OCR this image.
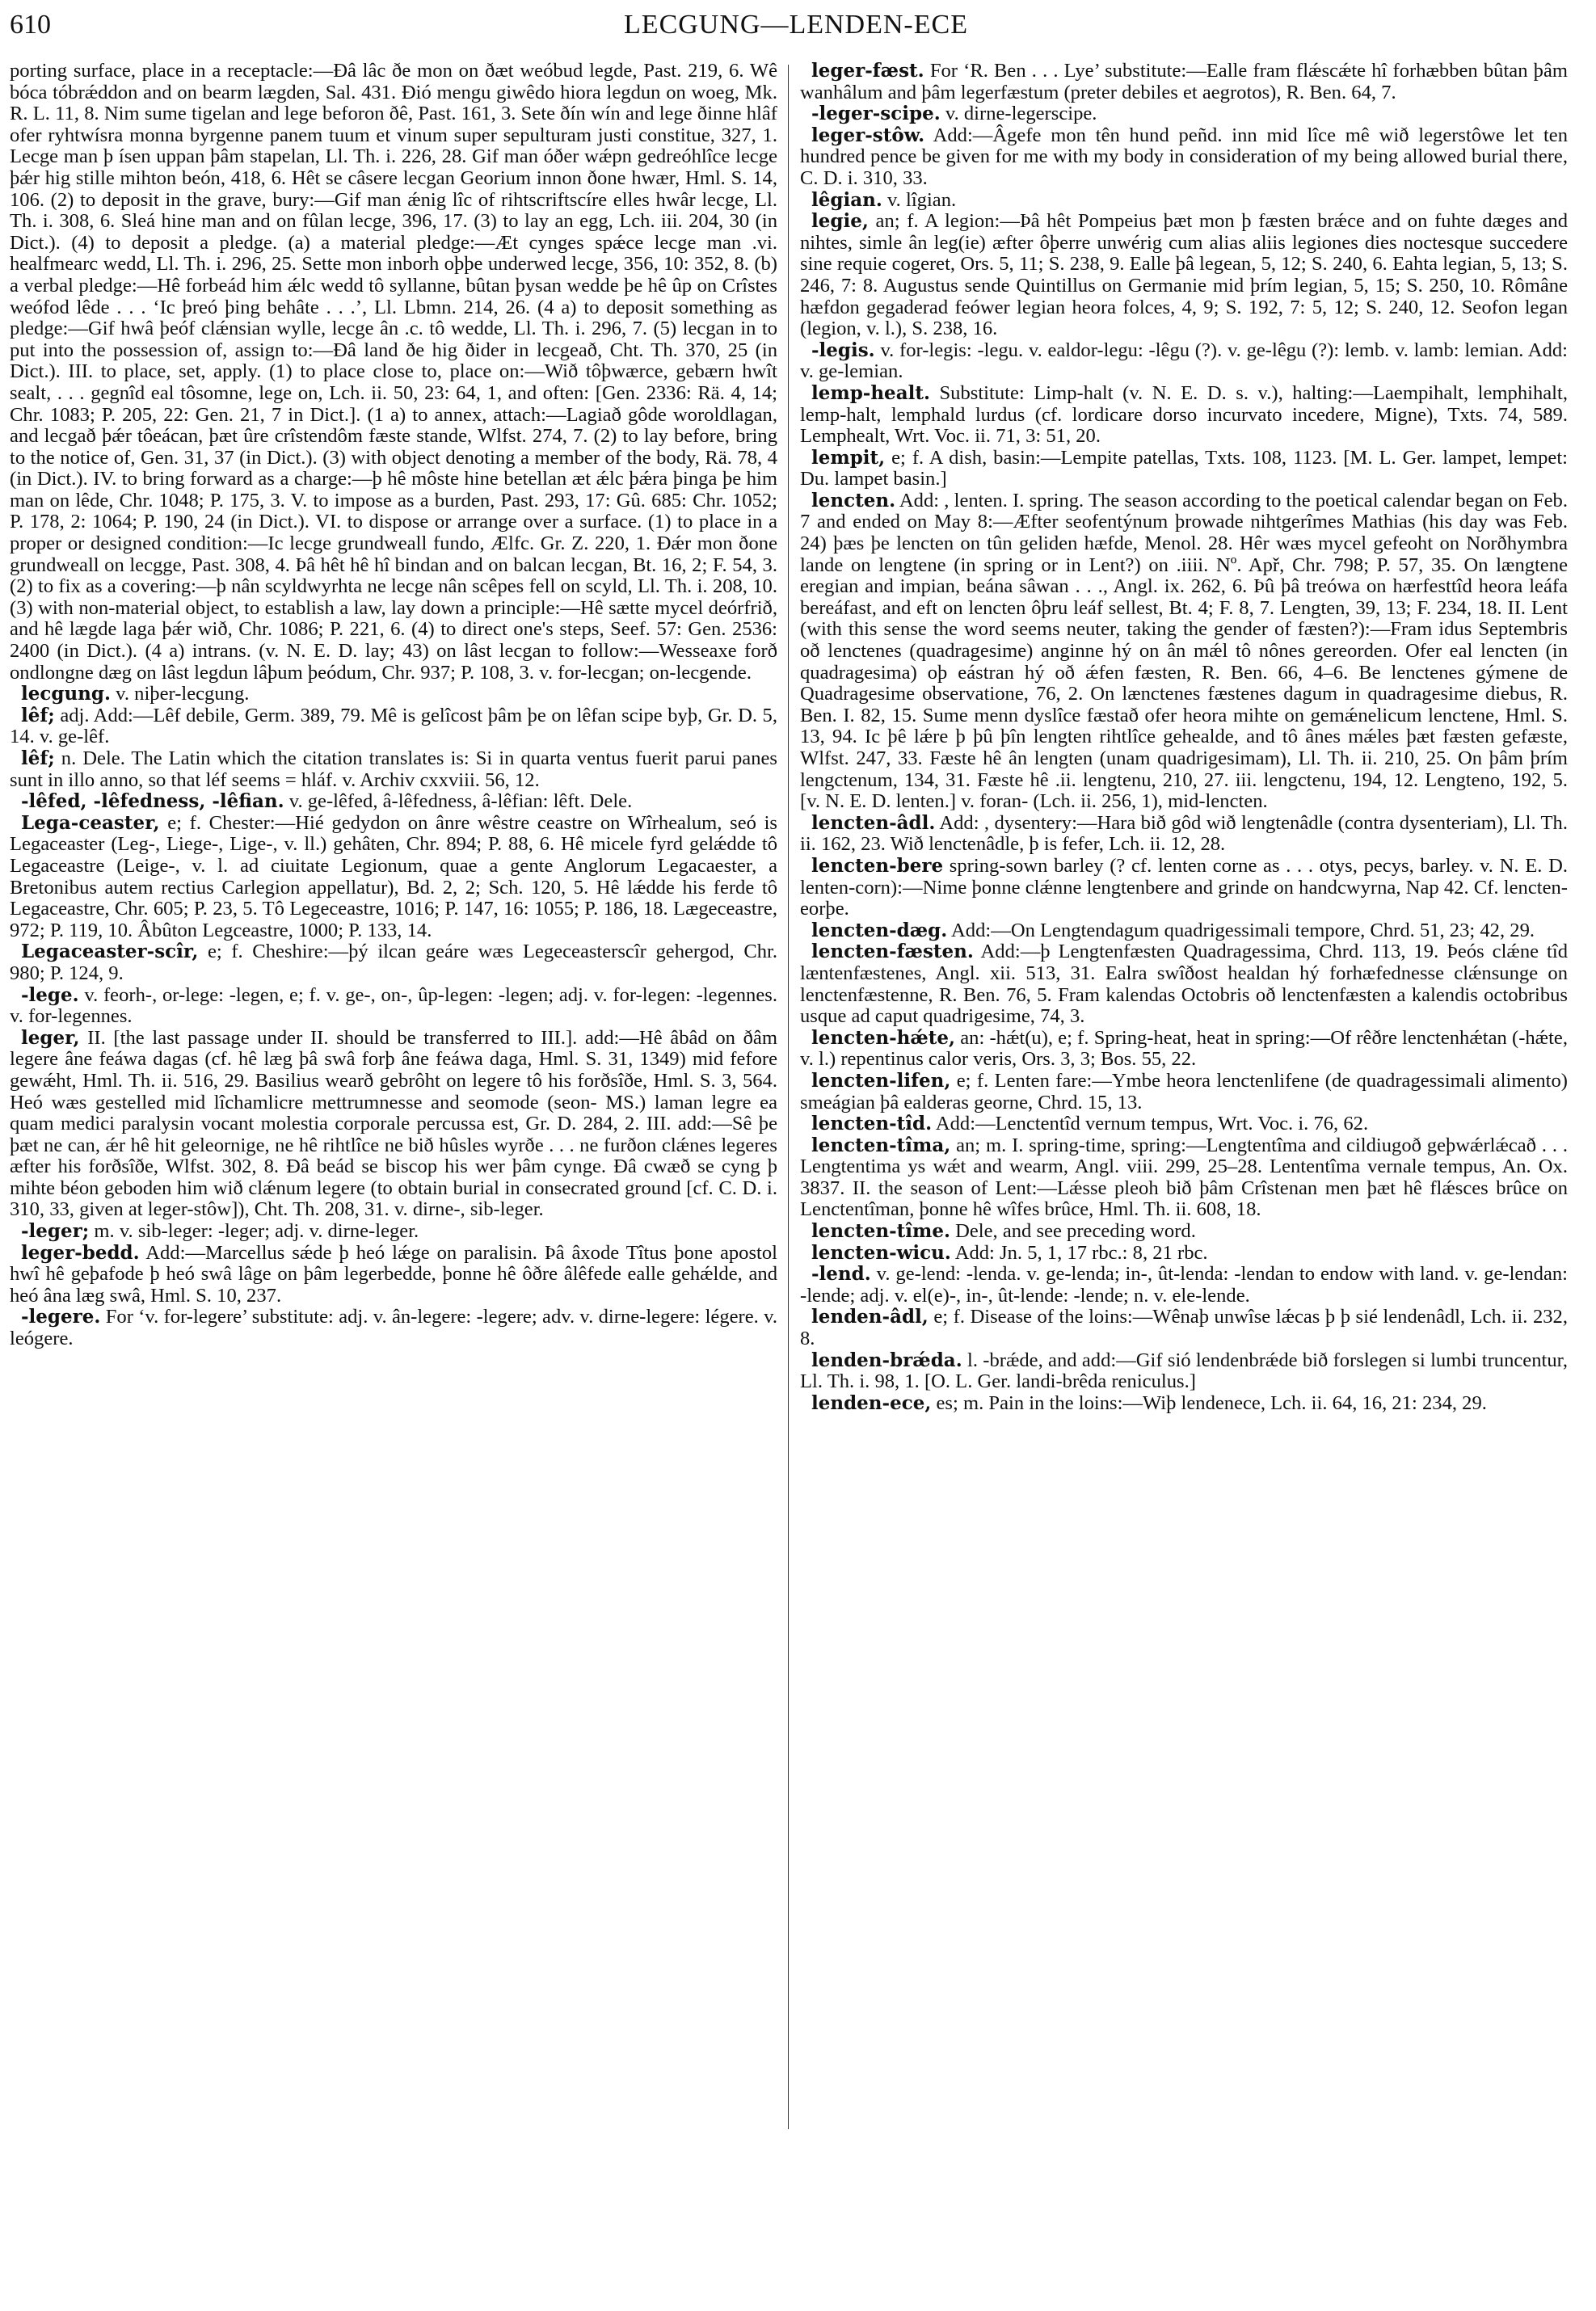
610	LECGUNG—LENDEN-ECE

porting surface, place in a receptacle:—Ðâ lâc ðe mon on ðæt weóbud legde, Past. 219, 6. Wê bóca tóbrǽddon and on bearm lægden, Sal. 431. Ðió mengu giwêdo hiora legdun on woeg, Mk. R. L. 11, 8. Nim sume tigelan and lege beforon ðê, Past. 161, 3. Sete ðín wín and lege ðinne hlâf ofer ryhtwísra monna byrgenne panem tuum et vinum super sepulturam justi constitue, 327, 1. Lecge man þ ísen uppan þâm stapelan, Ll. Th. i. 226, 28. Gif man óðer wǽpn gedreóhlîce lecge þǽr hig stille mihton beón, 418, 6. Hêt se câsere lecgan Georium innon ðone hwær, Hml. S. 14, 106. (2) to deposit in the grave, bury:—Gif man ǽnig lîc of rihtscriftscíre elles hwâr lecge, Ll. Th. i. 308, 6. Sleá hine man and on fûlan lecge, 396, 17. (3) to lay an egg, Lch. iii. 204, 30 (in Dict.). (4) to deposit a pledge. (a) a material pledge:—Æt cynges spǽce lecge man .vi. healfmearc wedd, Ll. Th. i. 296, 25. Sette mon inborh oþþe underwed lecge, 356, 10: 352, 8. (b) a verbal pledge:—Hê forbeád him ǽlc wedd tô syllanne, bûtan þysan wedde þe hê ûp on Crîstes weófod lêde . . . ‘Ic þreó þing behâte . . .’, Ll. Lbmn. 214, 26. (4 a) to deposit something as pledge:—Gif hwâ þeóf clǽnsian wylle, lecge ân .c. tô wedde, Ll. Th. i. 296, 7. (5) lecgan in to put into the possession of, assign to:—Ðâ land ðe hig ðider in lecgeað, Cht. Th. 370, 25 (in Dict.). III. to place, set, apply. (1) to place close to, place on:—Wið tôþwærce, gebærn hwît sealt, . . . gegnîd eal tôsomne, lege on, Lch. ii. 50, 23: 64, 1, and often: [Gen. 2336: Rä. 4, 14; Chr. 1083; P. 205, 22: Gen. 21, 7 in Dict.]. (1 a) to annex, attach:—Lagiað gôde woroldlagan, and lecgað þǽr tôeácan, þæt ûre crîstendôm fæste stande, Wlfst. 274, 7. (2) to lay before, bring to the notice of, Gen. 31, 37 (in Dict.). (3) with object denoting a member of the body, Rä. 78, 4 (in Dict.). IV. to bring forward as a charge:—þ hê môste hine betellan æt ǽlc þǽra þinga þe him man on lêde, Chr. 1048; P. 175, 3. V. to impose as a burden, Past. 293, 17: Gû. 685: Chr. 1052; P. 178, 2: 1064; P. 190, 24 (in Dict.). VI. to dispose or arrange over a surface. (1) to place in a proper or designed condition:—Ic lecge grundweall fundo, Ælfc. Gr. Z. 220, 1. Ðǽr mon ðone grundweall on lecgge, Past. 308, 4. Þâ hêt hê hî bindan and on balcan lecgan, Bt. 16, 2; F. 54, 3. (2) to fix as a covering:—þ nân scyldwyrhta ne lecge nân scêpes fell on scyld, Ll. Th. i. 208, 10. (3) with non-material object, to establish a law, lay down a principle:—Hê sætte mycel deórfrið, and hê lægde laga þǽr wið, Chr. 1086; P. 221, 6. (4) to direct one's steps, Seef. 57: Gen. 2536: 2400 (in Dict.). (4 a) intrans. (v. N. E. D. lay; 43) on lâst lecgan to follow:—Wesseaxe forð ondlongne dæg on lâst legdun lâþum þeódum, Chr. 937; P. 108, 3. v. for-lecgan; on-lecgende.

lecgung. v. niþer-lecgung.

lêf; adj. Add:—Lêf debile, Germ. 389, 79. Mê is gelîcost þâm þe on lêfan scipe byþ, Gr. D. 5, 14. v. ge-lêf.

lêf; n. Dele. The Latin which the citation translates is: Si in quarta ventus fuerit parui panes sunt in illo anno, so that léf seems = hláf. v. Archiv cxxviii. 56, 12.

-lêfed, -lêfedness, -lêfian. v. ge-lêfed, â-lêfedness, â-lêfian: lêft. Dele.

Lega-ceaster, e; f. Chester:—Hié gedydon on ânre wêstre ceastre on Wîrhealum, seó is Legaceaster (Leg-, Liege-, Lige-, v. ll.) gehâten, Chr. 894; P. 88, 6. Hê micele fyrd gelǽdde tô Legaceastre (Leige-, v. l. ad ciuitate Legionum, quae a gente Anglorum Legacaester, a Bretonibus autem rectius Carlegion appellatur), Bd. 2, 2; Sch. 120, 5. Hê lǽdde his ferde tô Legaceastre, Chr. 605; P. 23, 5. Tô Legeceastre, 1016; P. 147, 16: 1055; P. 186, 18. Lægeceastre, 972; P. 119, 10. Âbûton Legceastre, 1000; P. 133, 14.

Legaceaster-scîr, e; f. Cheshire:—þý ilcan geáre wæs Legeceasterscîr gehergod, Chr. 980; P. 124, 9.

-lege. v. feorh-, or-lege: -legen, e; f. v. ge-, on-, ûp-legen: -legen; adj. v. for-legen: -legennes. v. for-legennes.

leger, II. [the last passage under II. should be transferred to III.]. add:—Hê âbâd on ðâm legere âne feáwa dagas (cf. hê læg þâ swâ forþ âne feáwa daga, Hml. S. 31, 1349) mid fefore gewǽht, Hml. Th. ii. 516, 29. Basilius wearð gebrôht on legere tô his forðsîðe, Hml. S. 3, 564. Heó wæs gestelled mid lîchamlicre mettrumnesse and seomode (seon- MS.) laman legre ea quam medici paralysin vocant molestia corporale percussa est, Gr. D. 284, 2. III. add:—Sê þe þæt ne can, ǽr hê hit geleornige, ne hê rihtlîce ne bið hûsles wyrðe . . . ne furðon clǽnes legeres æfter his forðsîðe, Wlfst. 302, 8. Ðâ beád se biscop his wer þâm cynge. Ðâ cwæð se cyng þ mihte béon geboden him wið clǽnum legere (to obtain burial in consecrated ground [cf. C. D. i. 310, 33, given at leger-stôw]), Cht. Th. 208, 31. v. dirne-, sib-leger.

-leger; m. v. sib-leger: -leger; adj. v. dirne-leger.

leger-bedd. Add:—Marcellus sǽde þ heó lǽge on paralisin. Þâ âxode Tîtus þone apostol hwî hê geþafode þ heó swâ lâge on þâm legerbedde, þonne hê ôðre âlêfede ealle gehǽlde, and heó âna læg swâ, Hml. S. 10, 237.

-legere. For ‘v. for-legere’ substitute: adj. v. ân-legere: -legere; adv. v. dirne-legere: légere. v. leógere.

leger-fæst. For ‘R. Ben . . . Lye’ substitute:—Ealle fram flǽscǽte hî forhæbben bûtan þâm wanhâlum and þâm legerfæstum (preter debiles et aegrotos), R. Ben. 64, 7.

-leger-scipe. v. dirne-legerscipe.

leger-stôw. Add:—Âgefe mon tên hund peñd. inn mid lîce mê wið legerstôwe let ten hundred pence be given for me with my body in consideration of my being allowed burial there, C. D. i. 310, 33.

lêgian. v. lîgian.

legie, an; f. A legion:—Þâ hêt Pompeius þæt mon þ fæsten brǽce and on fuhte dæges and nihtes, simle ân leg(ie) æfter ôþerre unwérig cum alias aliis legiones dies noctesque succedere sine requie cogeret, Ors. 5, 11; S. 238, 9. Ealle þâ legean, 5, 12; S. 240, 6. Eahta legian, 5, 13; S. 246, 7: 8. Augustus sende Quintillus on Germanie mid þrím legian, 5, 15; S. 250, 10. Rômâne hæfdon gegaderad feówer legian heora folces, 4, 9; S. 192, 7: 5, 12; S. 240, 12. Seofon legan (legion, v. l.), S. 238, 16.

-legis. v. for-legis: -legu. v. ealdor-legu: -lêgu (?). v. ge-lêgu (?): lemb. v. lamb: lemian. Add: v. ge-lemian.

lemp-healt. Substitute: Limp-halt (v. N. E. D. s. v.), halting:—Laempihalt, lemphihalt, lemp-halt, lemphald lurdus (cf. lordicare dorso incurvato incedere, Migne), Txts. 74, 589. Lemphealt, Wrt. Voc. ii. 71, 3: 51, 20.

lempit, e; f. A dish, basin:—Lempite patellas, Txts. 108, 1123. [M. L. Ger. lampet, lempet: Du. lampet basin.]

lencten. Add: , lenten. I. spring. The season according to the poetical calendar began on Feb. 7 and ended on May 8:—Æfter seofentýnum þrowade nihtgerîmes Mathias (his day was Feb. 24) þæs þe lencten on tûn geliden hæfde, Menol. 28. Hêr wæs mycel gefeoht on Norðhymbra lande on lengtene (in spring or in Lent?) on .iiii. Nº. Apř, Chr. 798; P. 57, 35. On længtene eregian and impian, beána sâwan . . ., Angl. ix. 262, 6. Þû þâ treówa on hærfesttîd heora leáfa bereáfast, and eft on lencten ôþru leáf sellest, Bt. 4; F. 8, 7. Lengten, 39, 13; F. 234, 18. II. Lent (with this sense the word seems neuter, taking the gender of fæsten?):—Fram idus Septembris oð lenctenes (quadragesime) anginne hý on ân mǽl tô nônes gereorden. Ofer eal lencten (in quadragesima) oþ eástran hý oð ǽfen fæsten, R. Ben. 66, 4–6. Be lenctenes gýmene de Quadragesime observatione, 76, 2. On lænctenes fæstenes dagum in quadragesime diebus, R. Ben. I. 82, 15. Sume menn dyslîce fæstað ofer heora mihte on gemǽnelicum lenctene, Hml. S. 13, 94. Ic þê lǽre þ þû þîn lengten rihtlîce gehealde, and tô ânes mǽles þæt fæsten gefæste, Wlfst. 247, 33. Fæste hê ân lengten (unam quadrigesimam), Ll. Th. ii. 210, 25. On þâm þrím lengctenum, 134, 31. Fæste hê .ii. lengtenu, 210, 27. iii. lengctenu, 194, 12. Lengteno, 192, 5. [v. N. E. D. lenten.] v. foran- (Lch. ii. 256, 1), mid-lencten.

lencten-âdl. Add: , dysentery:—Hara bið gôd wið lengtenâdle (contra dysenteriam), Ll. Th. ii. 162, 23. Wið lenctenâdle, þ is fefer, Lch. ii. 12, 28.

lencten-bere spring-sown barley (? cf. lenten corne as . . . otys, pecys, barley. v. N. E. D. lenten-corn):—Nime þonne clǽnne lengtenbere and grinde on handcwyrna, Nap 42. Cf. lencten-eorþe.

lencten-dæg. Add:—On Lengtendagum quadrigessimali tempore, Chrd. 51, 23; 42, 29.

lencten-fæsten. Add:—þ Lengtenfæsten Quadragessima, Chrd. 113, 19. Þeós clǽne tîd læntenfæstenes, Angl. xii. 513, 31. Ealra swîðost healdan hý forhæfednesse clǽnsunge on lenctenfæstenne, R. Ben. 76, 5. Fram kalendas Octobris oð lenctenfæsten a kalendis octobribus usque ad caput quadrigesime, 74, 3.

lencten-hǽte, an: -hǽt(u), e; f. Spring-heat, heat in spring:—Of rêðre lenctenhǽtan (-hǽte, v. l.) repentinus calor veris, Ors. 3, 3; Bos. 55, 22.

lencten-lifen, e; f. Lenten fare:—Ymbe heora lenctenlifene (de quadragessimali alimento) smeágian þâ ealderas georne, Chrd. 15, 13.

lencten-tîd. Add:—Lenctentîd vernum tempus, Wrt. Voc. i. 76, 62.

lencten-tîma, an; m. I. spring-time, spring:—Lengtentîma and cildiugoð geþwǽrlǽcað . . . Lengtentima ys wǽt and wearm, Angl. viii. 299, 25–28. Lententîma vernale tempus, An. Ox. 3837. II. the season of Lent:—Lǽsse pleoh bið þâm Crîstenan men þæt hê flǽsces brûce on Lenctentîman, þonne hê wîfes brûce, Hml. Th. ii. 608, 18.

lencten-tîme. Dele, and see preceding word.

lencten-wicu. Add: Jn. 5, 1, 17 rbc.: 8, 21 rbc.

-lend. v. ge-lend: -lenda. v. ge-lenda; in-, ût-lenda: -lendan to endow with land. v. ge-lendan: -lende; adj. v. el(e)-, in-, ût-lende: -lende; n. v. ele-lende.

lenden-âdl, e; f. Disease of the loins:—Wênaþ unwîse lǽcas þ þ sié lendenâdl, Lch. ii. 232, 8.

lenden-brǽda. l. -brǽde, and add:—Gif sió lendenbrǽde bið forslegen si lumbi truncentur, Ll. Th. i. 98, 1. [O. L. Ger. landi-brêda reniculus.]

lenden-ece, es; m. Pain in the loins:—Wiþ lendenece, Lch. ii. 64, 16, 21: 234, 29.
